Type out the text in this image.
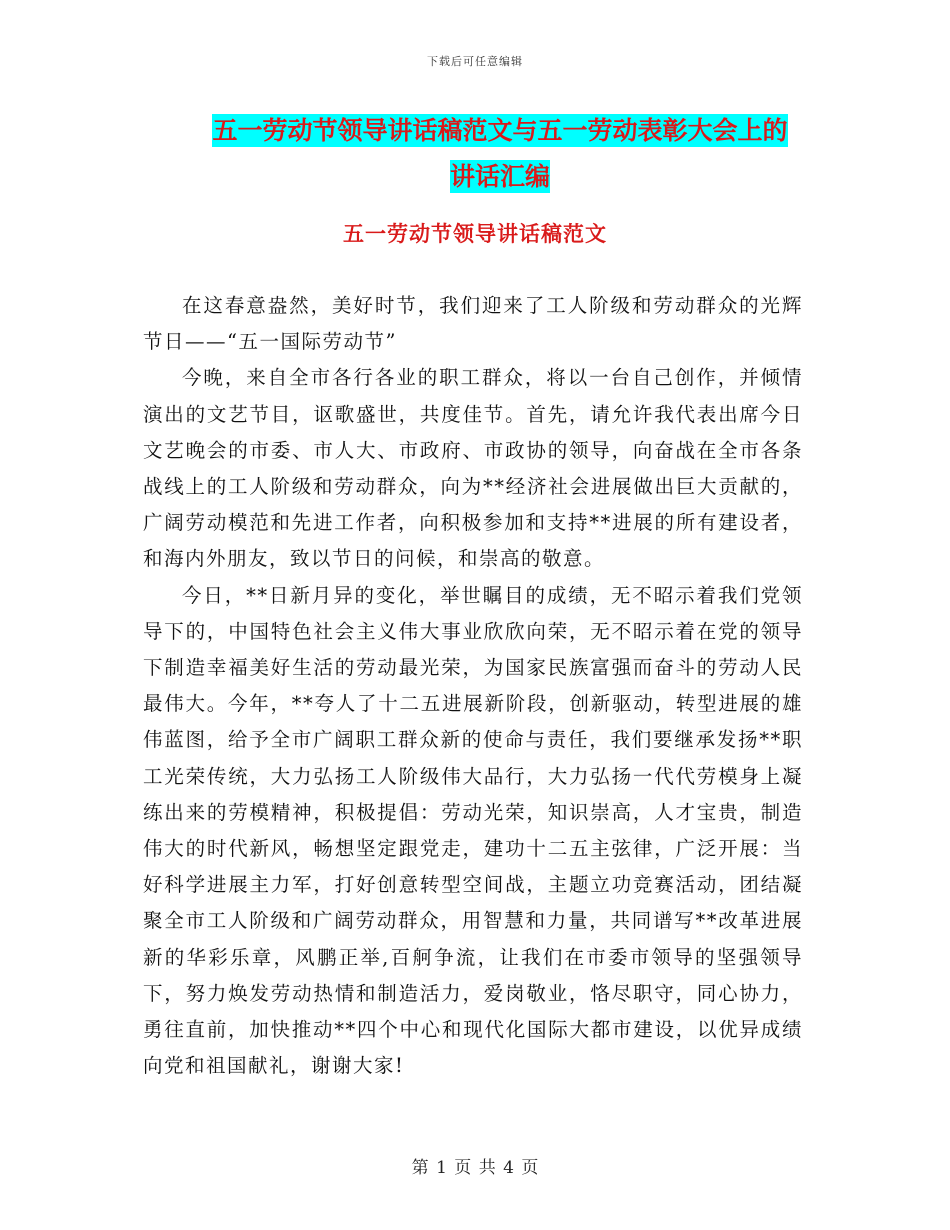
下载后可任意编辑
五一劳动节领导讲话稿范文与五一劳动表彰大会上的
讲话汇编
五一劳动节领导讲话稿范文

在这春意盎然，美好时节，我们迎来了工人阶级和劳动群众的光辉节日——“五一国际劳动节”

今晚，来自全市各行各业的职工群众，将以一台自己创作，并倾情演出的文艺节目，讴歌盛世，共度佳节。首先，请允许我代表出席今日文艺晚会的市委、市人大、市政府、市政协的领导，向奋战在全市各条战线上的工人阶级和劳动群众，向为**经济社会进展做出巨大贡献的，广阔劳动模范和先进工作者，向积极参加和支持**进展的所有建设者，和海内外朋友，致以节日的问候，和崇高的敬意。

今日，**日新月异的变化，举世瞩目的成绩，无不昭示着我们党领导下的，中国特色社会主义伟大事业欣欣向荣，无不昭示着在党的领导下制造幸福美好生活的劳动最光荣，为国家民族富强而奋斗的劳动人民最伟大。今年，**夸人了十二五进展新阶段，创新驱动，转型进展的雄伟蓝图，给予全市广阔职工群众新的使命与责任，我们要继承发扬**职工光荣传统，大力弘扬工人阶级伟大品行，大力弘扬一代代劳模身上凝练出来的劳模精神，积极提倡：劳动光荣，知识崇高，人才宝贵，制造伟大的时代新风，畅想坚定跟党走，建功十二五主弦律，广泛开展：当好科学进展主力军，打好创意转型空间战，主题立功竞赛活动，团结凝聚全市工人阶级和广阔劳动群众，用智慧和力量，共同谱写**改革进展新的华彩乐章，风鹏正举,百舸争流，让我们在市委市领导的坚强领导下，努力焕发劳动热情和制造活力，爱岗敬业，恪尽职守，同心协力，勇往直前，加快推动**四个中心和现代化国际大都市建设，以优异成绩向党和祖国献礼，谢谢大家!

第 1 页 共 4 页
